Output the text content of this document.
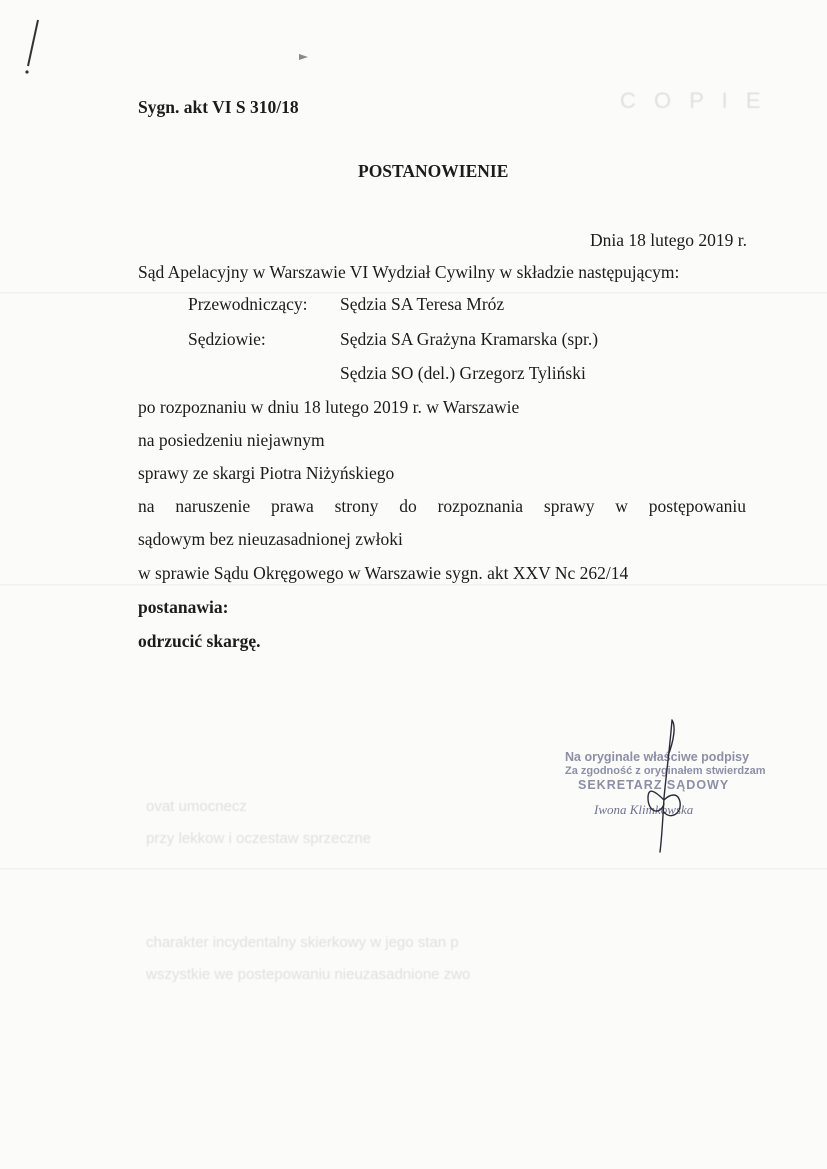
C O P I E
ovat umocnecz
przy lekkow i oczestaw sprzeczne
charakter incydentalny skierkowy w jego stan p
wszystkie we postepowaniu nieuzasadnione zwo
Sygn. akt VI S 310/18
POSTANOWIENIE
Dnia 18 lutego 2019 r.
Sąd Apelacyjny w Warszawie VI Wydział Cywilny w składzie następującym:
Przewodniczący: Sędzia SA Teresa Mróz
Sędziowie:	Sędzia SA Grażyna Kramarska (spr.)
Sędzia SO (del.) Grzegorz Tyliński
po rozpoznaniu w dniu 18 lutego 2019 r. w Warszawie
na posiedzeniu niejawnym
sprawy ze skargi Piotra Niżyńskiego
na naruszenie prawa strony do rozpoznania sprawy w postępowaniu
sądowym bez nieuzasadnionej zwłoki
w sprawie Sądu Okręgowego w Warszawie sygn. akt XXV Nc 262/14
postanawia:
odrzucić skargę.
Na oryginale właściwe podpisy
Za zgodność z oryginałem stwierdzam
SEKRETARZ SĄDOWY
Iwona Klimkowska
